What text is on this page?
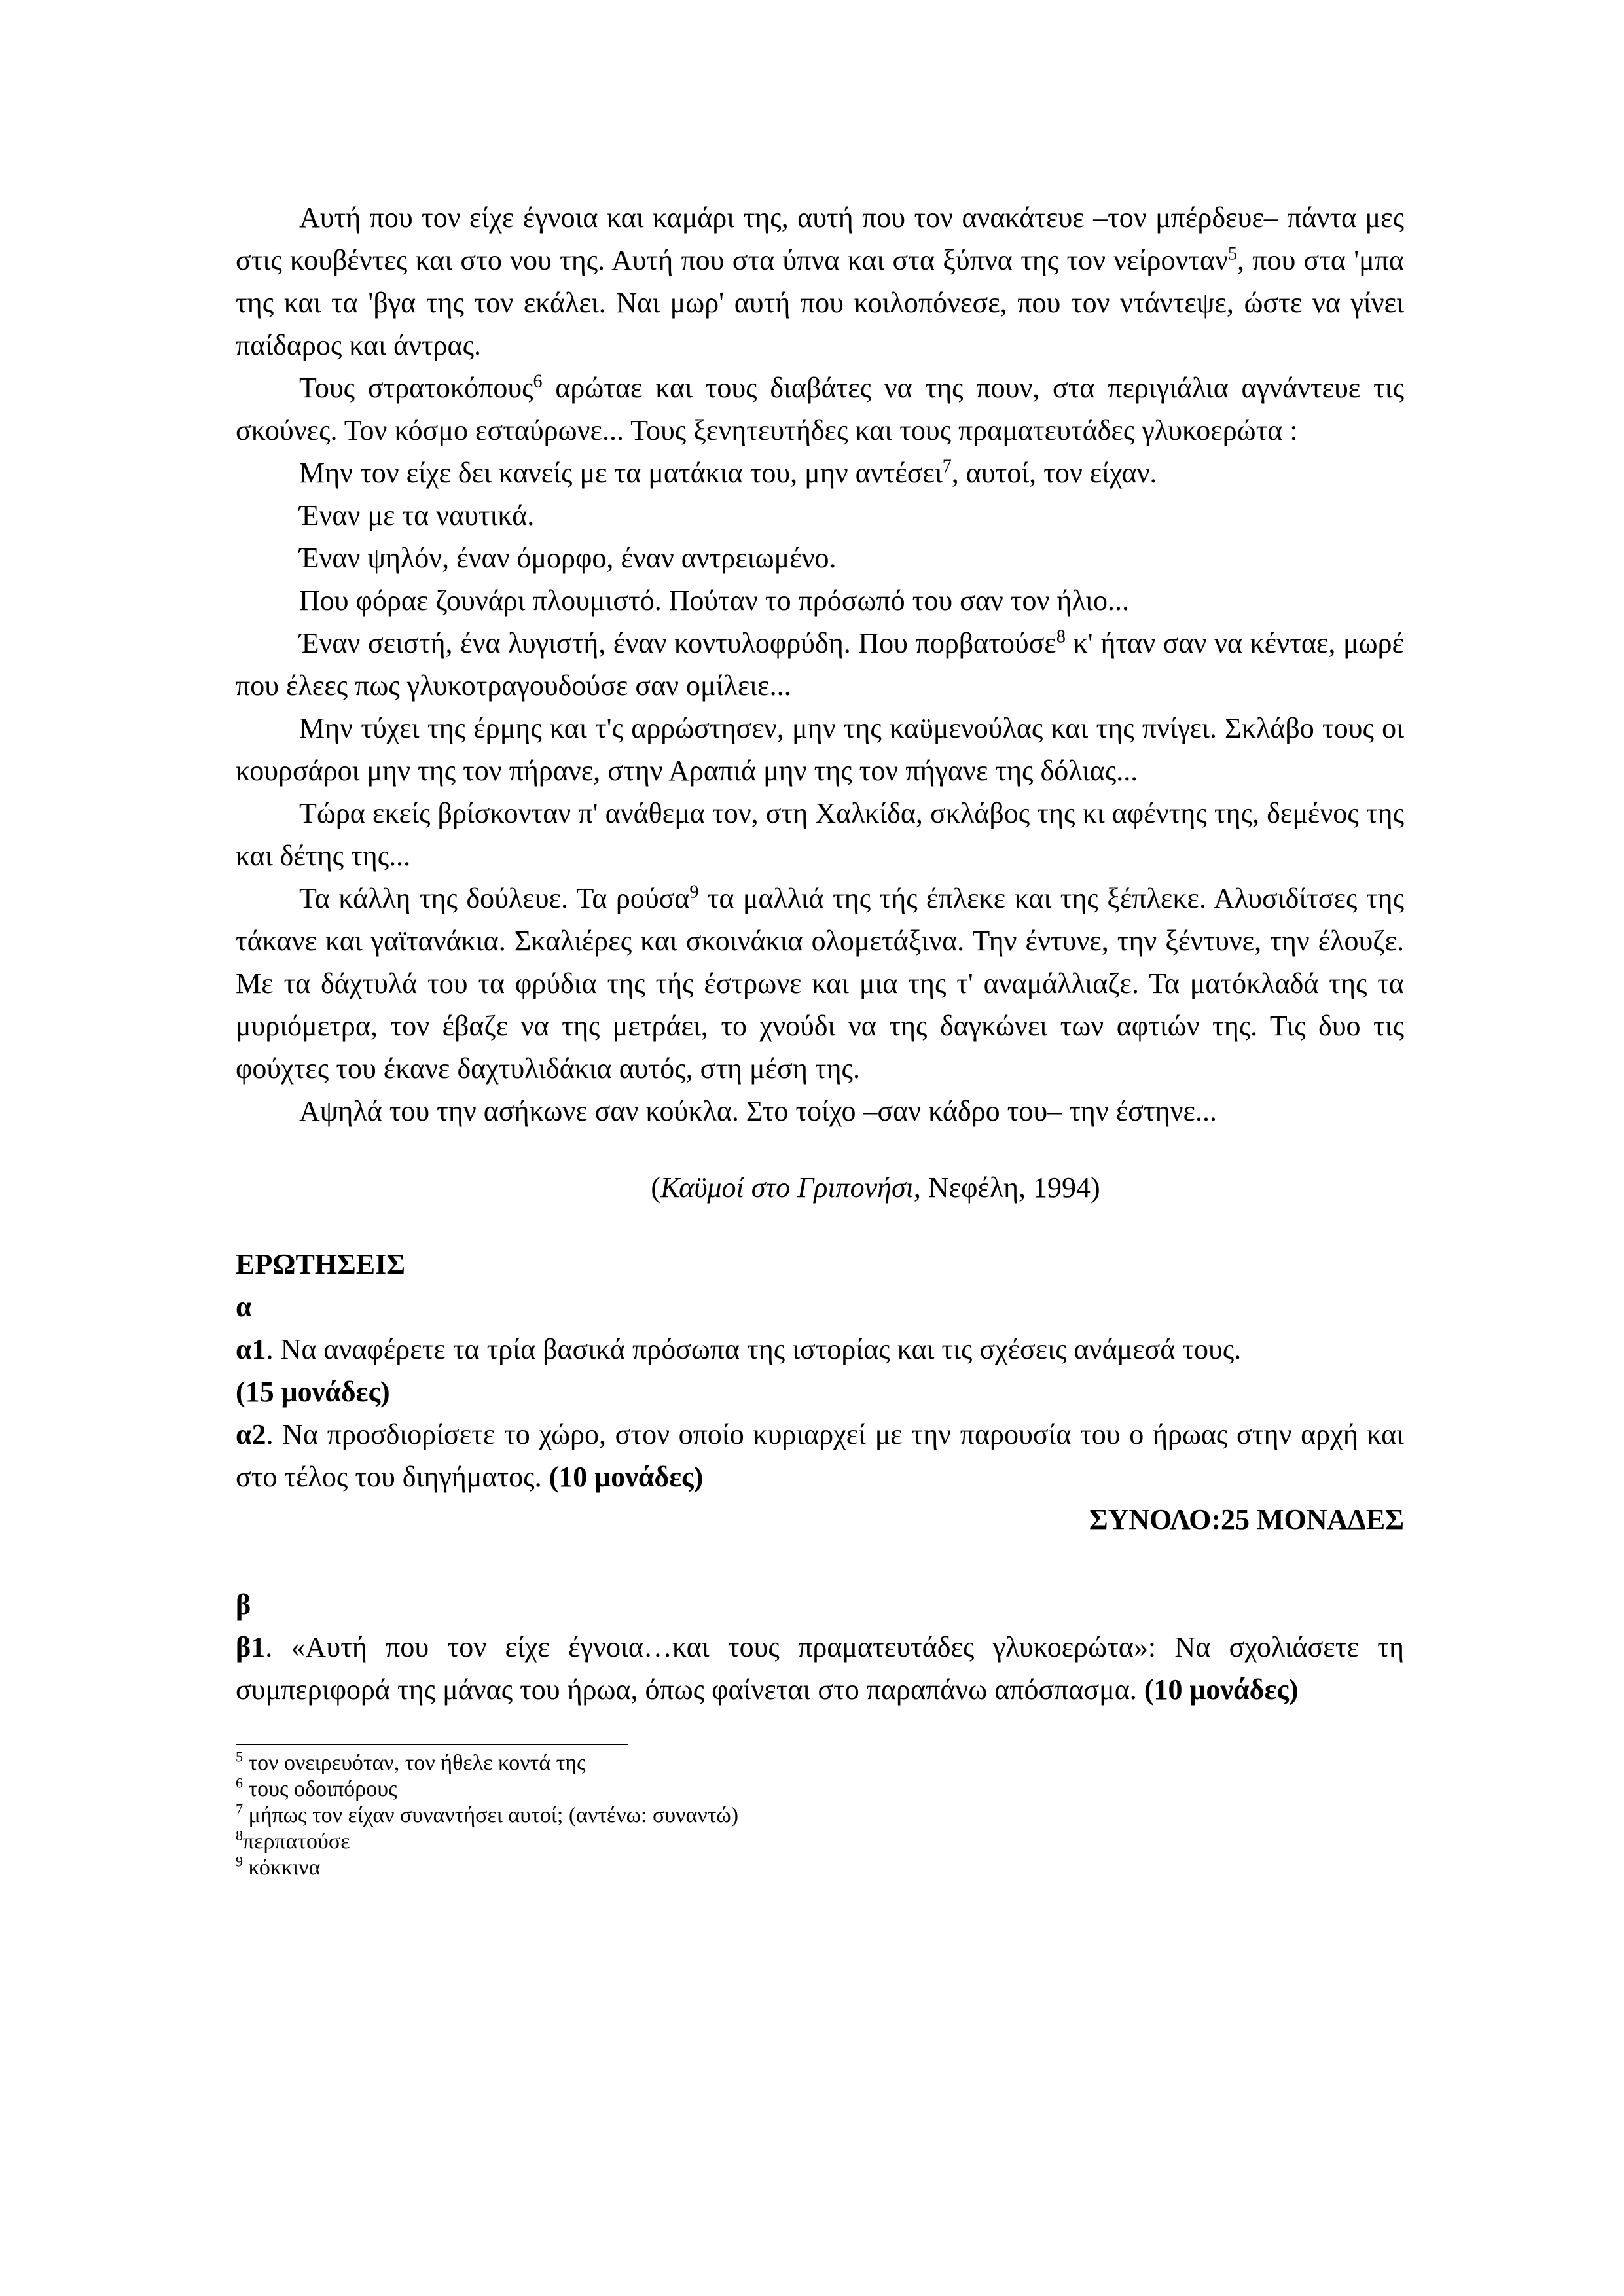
Αυτή που τον είχε έγνοια και καμάρι της, αυτή που τον ανακάτευε –τον μπέρδευε– πάντα μες στις κουβέντες και στο νου της. Αυτή που στα ύπνα και στα ξύπνα της τον νείρονταν$^5$, που στα 'μπα της και τα 'βγα της τον εκάλει. Ναι μωρ' αυτή που κοιλοπόνεσε, που τον ντάντεψε, ώστε να γίνει παίδαρος και άντρας.

Τους στρατοκόπους$^6$ αρώταε και τους διαβάτες να της πουν, στα περιγιάλια αγνάντευε τις σκούνες. Τον κόσμο εσταύρωνε... Τους ξενητευτήδες και τους πραματευτάδες γλυκοερώτα :

Μην τον είχε δει κανείς με τα ματάκια του, μην αντέσει$^7$, αυτοί, τον είχαν.

Έναν με τα ναυτικά.

Έναν ψηλόν, έναν όμορφο, έναν αντρειωμένο.

Που φόραε ζουνάρι πλουμιστό. Πούταν το πρόσωπό του σαν τον ήλιο...

Έναν σειστή, ένα λυγιστή, έναν κοντυλοφρύδη. Που πορβατούσε$^8$ κ' ήταν σαν να κένταε, μωρέ που έλεες πως γλυκοτραγουδούσε σαν ομίλειε...

Μην τύχει της έρμης και τ'ς αρρώστησεν, μην της καϋμενούλας και της πνίγει. Σκλάβο τους οι κουρσάροι μην της τον πήρανε, στην Αραπιά μην της τον πήγανε της δόλιας...

Τώρα εκείς βρίσκονταν π' ανάθεμα τον, στη Χαλκίδα, σκλάβος της κι αφέντης της, δεμένος της και δέτης της...

Τα κάλλη της δούλευε. Τα ρούσα$^9$ τα μαλλιά της τής έπλεκε και της ξέπλεκε. Αλυσιδίτσες της τάκανε και γαϊτανάκια. Σκαλιέρες και σκοινάκια ολομετάξινα. Την έντυνε, την ξέντυνε, την έλουζε. Με τα δάχτυλά του τα φρύδια της τής έστρωνε και μια της τ' αναμάλλιαζε. Τα ματόκλαδά της τα μυριόμετρα, τον έβαζε να της μετράει, το χνούδι να της δαγκώνει των αφτιών της. Τις δυο τις φούχτες του έκανε δαχτυλιδάκια αυτός, στη μέση της.

Αψηλά του την ασήκωνε σαν κούκλα. Στο τοίχο –σαν κάδρο του– την έστηνε...

(Καϋμοί στο Γριπονήσι, Νεφέλη, 1994)

ΕΡΩΤΗΣΕΙΣ

α

α1. Να αναφέρετε τα τρία βασικά πρόσωπα της ιστορίας και τις σχέσεις ανάμεσά τους.
(15 μονάδες)

α2. Να προσδιορίσετε το χώρο, στον οποίο κυριαρχεί με την παρουσία του ο ήρωας στην αρχή και στο τέλος του διηγήματος. (10 μονάδες)

ΣΥΝΟΛΟ:25 ΜΟΝΑΔΕΣ

β

β1. «Αυτή που τον είχε έγνοια…και τους πραματευτάδες γλυκοερώτα»: Να σχολιάσετε τη συμπεριφορά της μάνας του ήρωα, όπως φαίνεται στο παραπάνω απόσπασμα. (10 μονάδες)

$^5$ τον ονειρευόταν, τον ήθελε κοντά της

$^6$ τους οδοιπόρους

$^7$ μήπως τον είχαν συναντήσει αυτοί; (αντένω: συναντώ)

$^8$περπατούσε

$^9$ κόκκινα
